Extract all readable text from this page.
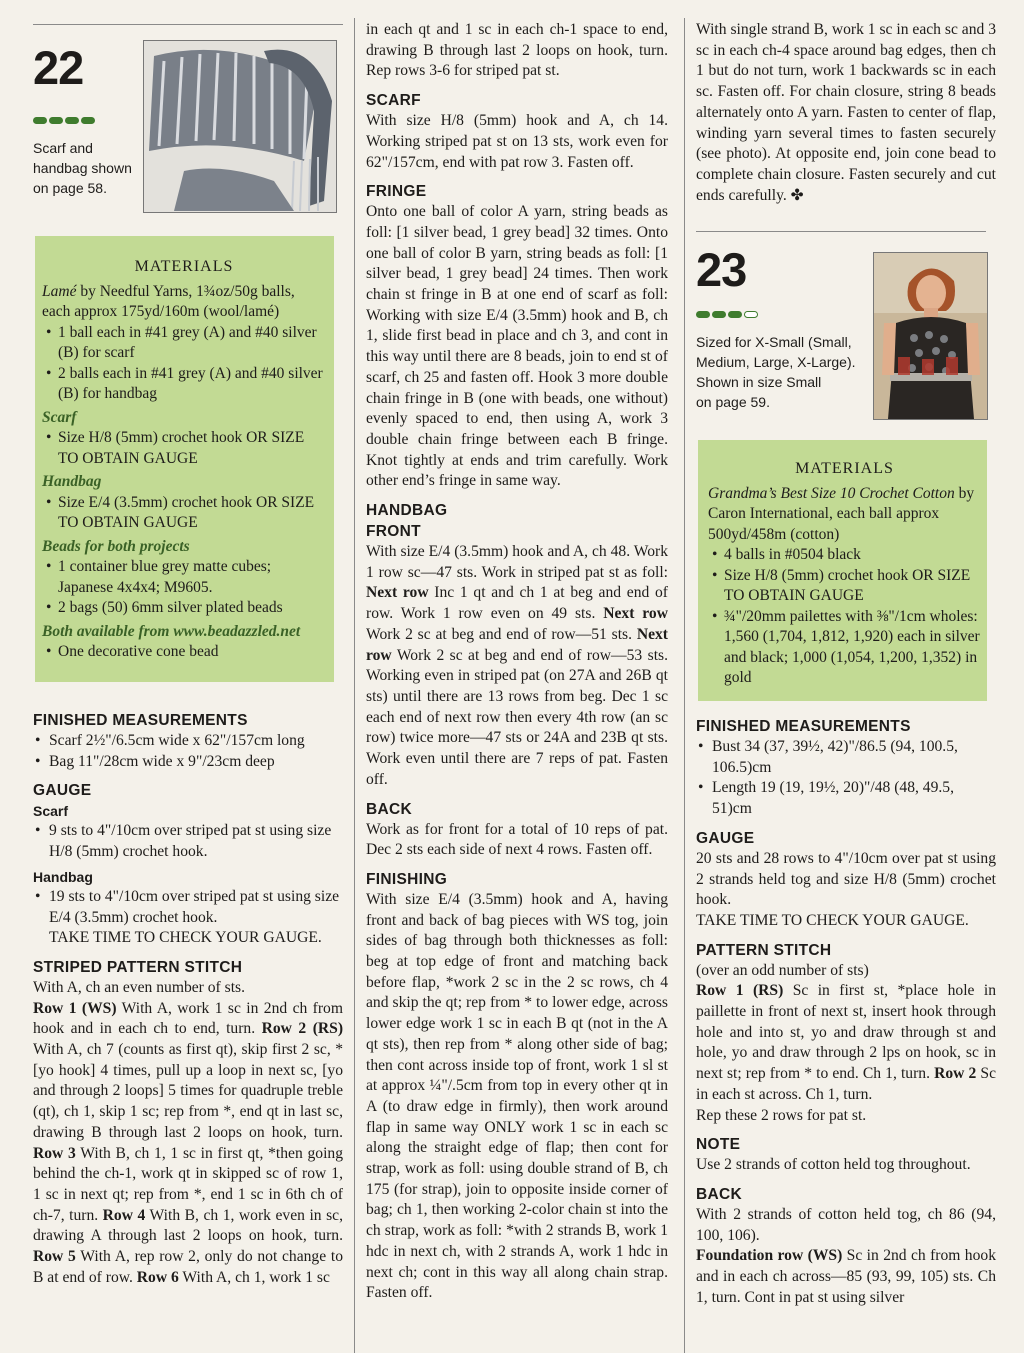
22
Scarf and
handbag shown
on page 58.
MATERIALS

Lamé by Needful Yarns, 1¾oz/50g balls, each approx 175yd/160m (wool/lamé)

• 1 ball each in #41 grey (A) and #40 silver (B) for scarf
• 2 balls each in #41 grey (A) and #40 silver (B) for handbag
Scarf
• Size H/8 (5mm) crochet hook OR SIZE TO OBTAIN GAUGE
Handbag
• Size E/4 (3.5mm) crochet hook OR SIZE TO OBTAIN GAUGE
Beads for both projects
• 1 container blue grey matte cubes; Japanese 4x4x4; M9605.
• 2 bags (50) 6mm silver plated beads
Both available from www.beadazzled.net
• One decorative cone bead
FINISHED MEASUREMENTS
• Scarf 2½"/6.5cm wide x 62"/157cm long
• Bag 11"/28cm wide x 9"/23cm deep
GAUGE
Scarf
• 9 sts to 4"/10cm over striped pat st using size H/8 (5mm) crochet hook.
Handbag
• 19 sts to 4"/10cm over striped pat st using size E/4 (3.5mm) crochet hook.

TAKE TIME TO CHECK YOUR GAUGE.

STRIPED PATTERN STITCH

With A, ch an even number of sts.

Row 1 (WS) With A, work 1 sc in 2nd ch from hook and in each ch to end, turn. Row 2 (RS) With A, ch 7 (counts as first qt), skip first 2 sc, *[yo hook] 4 times, pull up a loop in next sc, [yo and through 2 loops] 5 times for quadruple treble (qt), ch 1, skip 1 sc; rep from *, end qt in last sc, drawing B through last 2 loops on hook, turn. Row 3 With B, ch 1, 1 sc in first qt, *then going behind the ch-1, work qt in skipped sc of row 1, 1 sc in next qt; rep from *, end 1 sc in 6th ch of ch-7, turn. Row 4 With B, ch 1, work even in sc, drawing A through last 2 loops on hook, turn. Row 5 With A, rep row 2, only do not change to B at end of row. Row 6 With A, ch 1, work 1 sc

in each qt and 1 sc in each ch-1 space to end, drawing B through last 2 loops on hook, turn. Rep rows 3-6 for striped pat st.

SCARF

With size H/8 (5mm) hook and A, ch 14. Working striped pat st on 13 sts, work even for 62"/157cm, end with pat row 3. Fasten off.

FRINGE

Onto one ball of color A yarn, string beads as foll: [1 silver bead, 1 grey bead] 32 times. Onto one ball of color B yarn, string beads as foll: [1 silver bead, 1 grey bead] 24 times. Then work chain st fringe in B at one end of scarf as foll: Working with size E/4 (3.5mm) hook and B, ch 1, slide first bead in place and ch 3, and cont in this way until there are 8 beads, join to end st of scarf, ch 25 and fasten off. Hook 3 more double chain fringe in B (one with beads, one without) evenly spaced to end, then using A, work 3 double chain fringe between each B fringe. Knot tightly at ends and trim carefully. Work other end’s fringe in same way.

HANDBAG
FRONT

With size E/4 (3.5mm) hook and A, ch 48. Work 1 row sc—47 sts. Work in striped pat st as foll: Next row Inc 1 qt and ch 1 at beg and end of row. Work 1 row even on 49 sts. Next row Work 2 sc at beg and end of row—51 sts. Next row Work 2 sc at beg and end of row—53 sts. Working even in striped pat (on 27A and 26B qt sts) until there are 13 rows from beg. Dec 1 sc each end of next row then every 4th row (an sc row) twice more—47 sts or 24A and 23B qt sts. Work even until there are 7 reps of pat. Fasten off.

BACK

Work as for front for a total of 10 reps of pat. Dec 2 sts each side of next 4 rows. Fasten off.

FINISHING

With size E/4 (3.5mm) hook and A, having front and back of bag pieces with WS tog, join sides of bag through both thicknesses as foll: beg at top edge of front and matching back before flap, *work 2 sc in the 2 sc rows, ch 4 and skip the qt; rep from * to lower edge, across lower edge work 1 sc in each B qt (not in the A qt sts), then rep from * along other side of bag; then cont across inside top of front, work 1 sl st at approx ¼"/.5cm from top in every other qt in A (to draw edge in firmly), then work around flap in same way ONLY work 1 sc in each sc along the straight edge of flap; then cont for strap, work as foll: using double strand of B, ch 175 (for strap), join to opposite inside corner of bag; ch 1, then working 2-color chain st into the ch strap, work as foll: *with 2 strands B, work 1 hdc in next ch, with 2 strands A, work 1 hdc in next ch; cont in this way all along chain strap. Fasten off.

With single strand B, work 1 sc in each sc and 3 sc in each ch-4 space around bag edges, then ch 1 but do not turn, work 1 backwards sc in each sc. Fasten off. For chain closure, string 8 beads alternately onto A yarn. Fasten to center of flap, winding yarn several times to fasten securely (see photo). At opposite end, join cone bead to complete chain closure. Fasten securely and cut ends carefully. ✤

23
Sized for X-Small (Small,
Medium, Large, X-Large).
Shown in size Small
on page 59.
MATERIALS

Grandma’s Best Size 10 Crochet Cotton by Caron International, each ball approx 500yd/458m (cotton)

• 4 balls in #0504 black
• Size H/8 (5mm) crochet hook OR SIZE TO OBTAIN GAUGE
• ¾"/20mm pailettes with ⅜"/1cm wholes: 1,560 (1,704, 1,812, 1,920) each in silver and black; 1,000 (1,054, 1,200, 1,352) in gold
FINISHED MEASUREMENTS
• Bust 34 (37, 39½, 42)"/86.5 (94, 100.5, 106.5)cm
• Length 19 (19, 19½, 20)"/48 (48, 49.5, 51)cm
GAUGE

20 sts and 28 rows to 4"/10cm over pat st using 2 strands held tog and size H/8 (5mm) crochet hook.

TAKE TIME TO CHECK YOUR GAUGE.

PATTERN STITCH

(over an odd number of sts)

Row 1 (RS) Sc in first st, *place hole in paillette in front of next st, insert hook through hole and into st, yo and draw through st and hole, yo and draw through 2 lps on hook, sc in next st; rep from * to end. Ch 1, turn. Row 2 Sc in each st across. Ch 1, turn.

Rep these 2 rows for pat st.

NOTE

Use 2 strands of cotton held tog throughout.

BACK

With 2 strands of cotton held tog, ch 86 (94, 100, 106).

Foundation row (WS) Sc in 2nd ch from hook and in each ch across—85 (93, 99, 105) sts. Ch 1, turn. Cont in pat st using silver
